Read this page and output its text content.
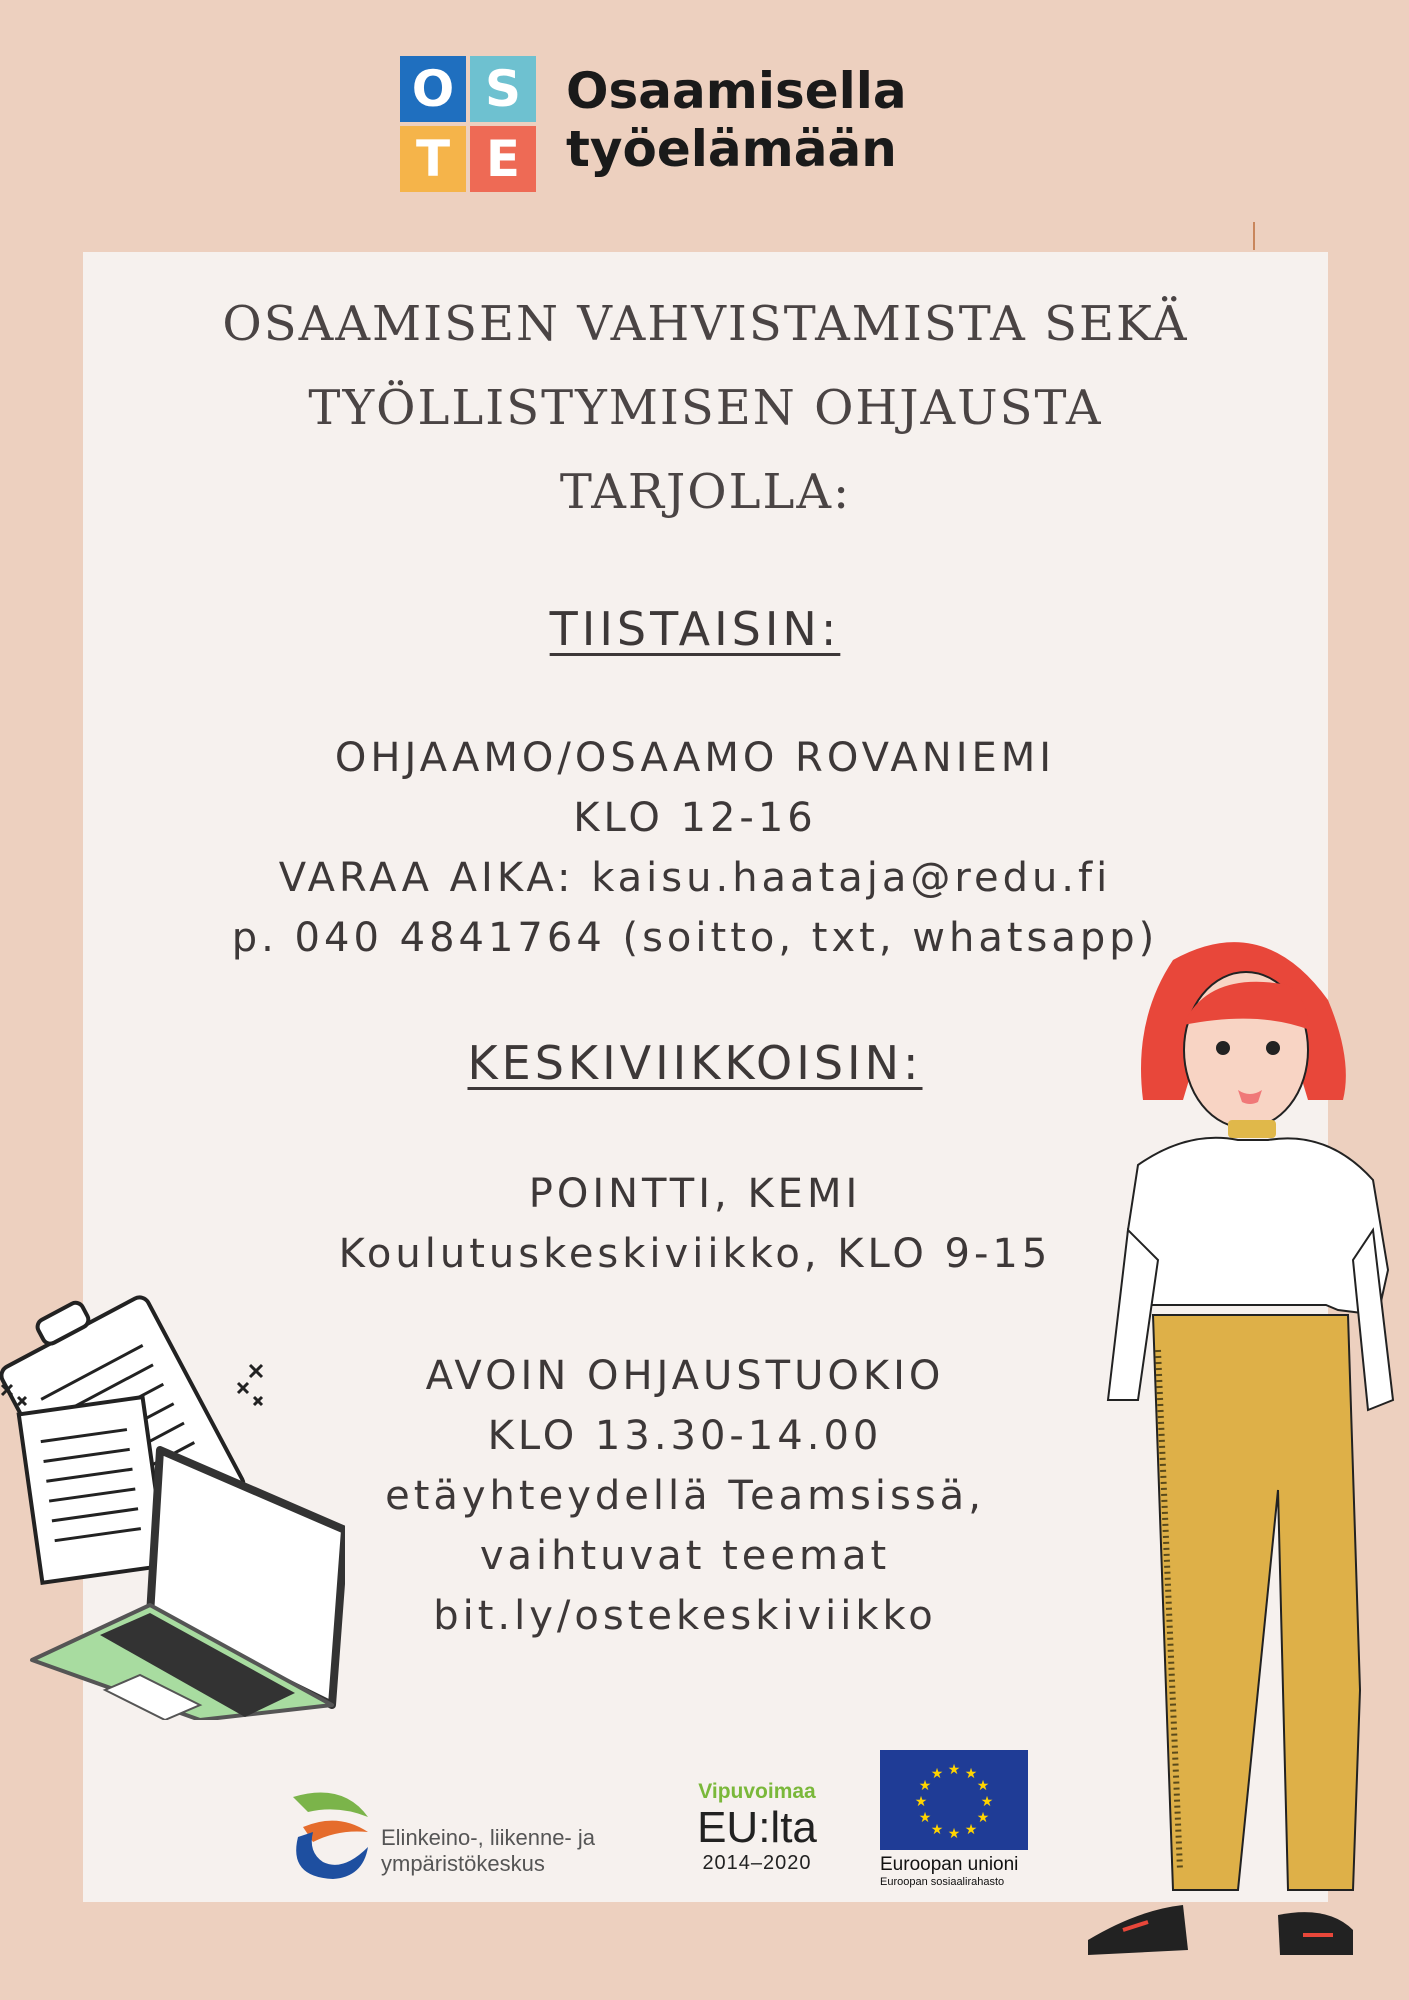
O S
T E
Osaamisella
työelämään
OSAAMISEN VAHVISTAMISTA SEKÄ
TYÖLLISTYMISEN OHJAUSTA
TARJOLLA:
TIISTAISIN:
OHJAAMO/OSAAMO ROVANIEMI
KLO 12-16
VARAA AIKA: kaisu.haataja@redu.fi
p. 040 4841764 (soitto, txt, whatsapp)
KESKIVIIKKOISIN:
POINTTI, KEMI
Koulutuskeskiviikko, KLO 9-15
AVOIN OHJAUSTUOKIO
KLO 13.30-14.00
etäyhteydellä Teamsissä,
vaihtuvat teemat
bit.ly/ostekeskiviikko
Elinkeino-, liikenne- ja
ympäristökeskus
Vipuvoimaa
EU:lta
2014–2020
★ ★
★
★
★
★
★
★
★
★
★
★
Euroopan unioni
Euroopan sosiaalirahasto
